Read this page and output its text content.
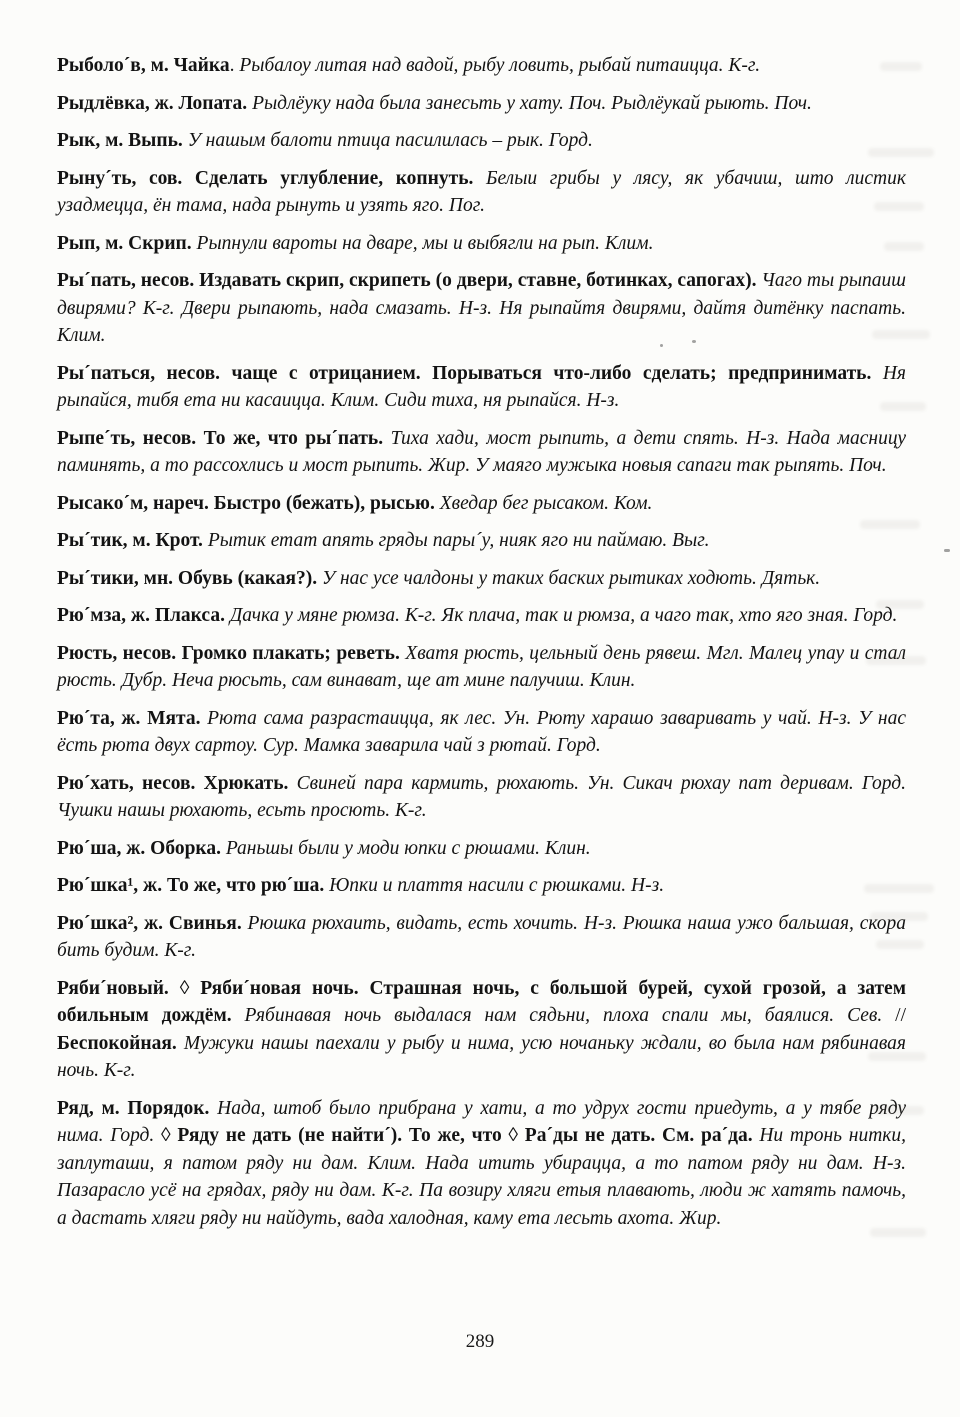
Рыболо´в, м. Чайка. Рыбалоу литая над вадой, рыбу ловить, рыбай питаицца. К-г.

Рыдлёвка, ж. Лопата. Рыдлёуку нада была занесьть у хату. Поч. Рыдлёукай рыють. Поч.

Рык, м. Выпь. У нашым балоти птица пасилилась – рык. Горд.

Рыну´ть, сов. Сделать углубление, копнуть. Белыи грибы у лясу, як убачиш, што листик узадмецца, ён тама, нада рынуть и узять яго. Пог.

Рып, м. Скрип. Рыпнули вароты на дваре, мы и выбягли на рып. Клим.

Ры´пать, несов. Издавать скрип, скрипеть (о двери, ставне, ботинках, сапогах). Чаго ты рыпаиш двирями? К-г. Двери рыпають, нада смазать. Н-з. Ня рыпайтя двирями, дайтя дитёнку паспать. Клим.

Ры´паться, несов. чаще с отрицанием. Порываться что-либо сделать; предпринимать. Ня рыпайся, тибя ета ни касаицца. Клим. Сиди тиха, ня рыпайся. Н-з.

Рыпе´ть, несов. То же, что ры´пать. Тиха хади, мост рыпить, а дети спять. Н-з. Нада масницу паминять, а то рассохлись и мост рыпить. Жир. У маяго мужыка новыя сапаги так рыпять. Поч.

Рысако´м, нареч. Быстро (бежать), рысью. Хведар бег рысаком. Ком.

Ры´тик, м. Крот. Рытик етат апять гряды пары´у, нияк яго ни паймаю. Выг.

Ры´тики, мн. Обувь (какая?). У нас усе чалдоны у таких баских рытиках ходють. Дятьк.

Рю´мза, ж. Плакса. Дачка у мяне рюмза. К-г. Як плача, так и рюмза, а чаго так, хто яго зная. Горд.

Рюсть, несов. Громко плакать; реветь. Хватя рюсть, цельный день рявеш. Мгл. Малец упау и стал рюсть. Дубр. Неча рюсьть, сам винават, ще ат мине палучиш. Клин.

Рю´та, ж. Мята. Рюта сама разрастаицца, як лес. Ун. Рюту харашо заваривать у чай. Н-з. У нас ёсть рюта двух сартоу. Сур. Мамка заварила чай з рютай. Горд.

Рю´хать, несов. Хрюкать. Свиней пара кармить, рюхають. Ун. Сикач рюхау пат деривам. Горд. Чушки нашы рюхають, есьть просють. К-г.

Рю´ша, ж. Оборка. Раньшы были у моди юпки с рюшами. Клин.

Рю´шка¹, ж. То же, что рю´ша. Юпки и плаття насили с рюшками. Н-з.

Рю´шка², ж. Свинья. Рюшка рюхаить, видать, есть хочить. Н-з. Рюшка наша ужо бальшая, скора бить будим. К-г.

Ряби´новый. ◊ Ряби´новая ночь. Страшная ночь, с большой бурей, сухой грозой, а затем обильным дождём. Рябинавая ночь выдалася нам сядьни, плоха спали мы, баялися. Сев. // Беспокойная. Мужуки нашы паехали у рыбу и нима, усю ночаньку ждали, во была нам рябинавая ночь. К-г.

Ряд, м. Порядок. Нада, штоб было прибрана у хати, а то удрух гости приедуть, а у тябе ряду нима. Горд. ◊ Ряду не дать (не найти´). То же, что ◊ Ра´ды не дать. См. ра´да. Ни тронь нитки, заплуташи, я патом ряду ни дам. Клим. Нада итить убирацца, а то патом ряду ни дам. Н-з. Пазарасло усё на грядах, ряду ни дам. К-г. Па возиру хляги етыя плавають, люди ж хатять памочь, а дастать хляги ряду ни найдуть, вада халодная, каму ета лесьть ахота. Жир.

289
